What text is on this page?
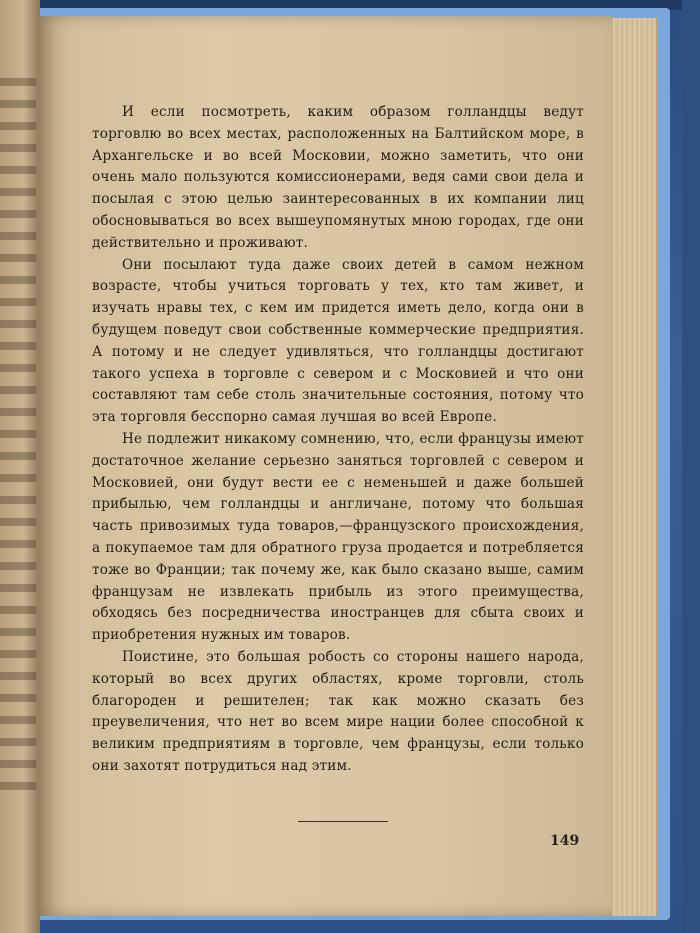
И если посмотреть, каким образом голландцы ведут торговлю во всех местах, расположенных на Балтийском море, в Архангельске и во всей Московии, можно заметить, что они очень мало пользуются комиссионерами, ведя сами свои дела и посылая с этою целью заинтересованных в их компании лиц обосновываться во всех вышеупомянутых мною городах, где они действительно и проживают.

Они посылают туда даже своих детей в самом нежном возрасте, чтобы учиться торговать у тех, кто там живет, и изучать нравы тех, с кем им придется иметь дело, когда они в будущем поведут свои собственные коммерческие предприятия. А потому и не следует удивляться, что голландцы достигают такого успеха в торговле с севером и с Московией и что они составляют там себе столь значительные состояния, потому что эта торговля бесспорно самая лучшая во всей Европе.

Не подлежит никакому сомнению, что, если французы имеют достаточное желание серьезно заняться торговлей с севером и Московией, они будут вести ее с неменьшей и даже большей прибылью, чем голландцы и англичане, потому что большая часть привозимых туда товаров,—французского происхождения, а покупаемое там для обратного груза продается и потребляется тоже во Франции; так почему же, как было сказано выше, самим французам не извлекать прибыль из этого преимущества, обходясь без посредничества иностранцев для сбыта своих и приобретения нужных им товаров.

Поистине, это большая робость со стороны нашего народа, который во всех других областях, кроме торговли, столь благороден и решителен; так как можно сказать без преувеличения, что нет во всем мире нации более способной к великим предприятиям в торговле, чем французы, если только они захотят потрудиться над этим.

149
